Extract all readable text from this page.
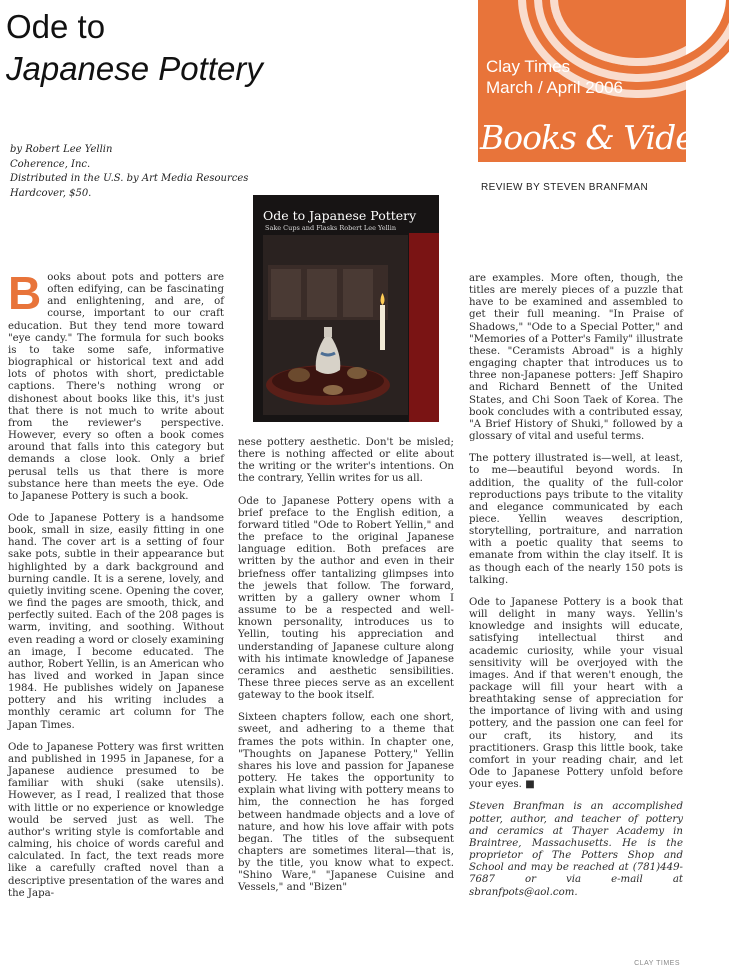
Ode to
Japanese Pottery	Clay Times
March / April 2006
Books & Videos
REVIEW BY STEVEN BRANFMAN
by Robert Lee Yellin
Coherence, Inc.
Distributed in the U.S. by Art Media Resources
Hardcover, $50.
Ode to Japanese Pottery
Sake Cups and Flasks Robert Lee Yellin

Books about pots and potters are often edifying, can be fascinating and enlightening, and are, of course, important to our craft education. But they tend more toward "eye candy." The formula for such books is to take some safe, informative biographical or historical text and add lots of photos with short, predictable captions. There's nothing wrong or dishonest about books like this, it's just that there is not much to write about from the reviewer's perspective. However, every so often a book comes around that falls into this category but demands a close look. Only a brief perusal tells us that there is more substance here than meets the eye. Ode to Japanese Pottery is such a book.

Ode to Japanese Pottery is a handsome book, small in size, easily fitting in one hand. The cover art is a setting of four sake pots, subtle in their appearance but highlighted by a dark background and burning candle. It is a serene, lovely, and quietly inviting scene. Opening the cover, we find the pages are smooth, thick, and perfectly suited. Each of the 208 pages is warm, inviting, and soothing. Without even reading a word or closely examining an image, I become educated. The author, Robert Yellin, is an American who has lived and worked in Japan since 1984. He publishes widely on Japanese pottery and his writing includes a monthly ceramic art column for The Japan Times.

Ode to Japanese Pottery was first written and published in 1995 in Japanese, for a Japanese audience presumed to be familiar with shuki (sake utensils). However, as I read, I realized that those with little or no experience or knowledge would be served just as well. The author's writing style is comfortable and calming, his choice of words careful and calculated. In fact, the text reads more like a carefully crafted novel than a descriptive presentation of the wares and the Japa-

nese pottery aesthetic. Don't be misled; there is nothing affected or elite about the writing or the writer's intentions. On the contrary, Yellin writes for us all.

Ode to Japanese Pottery opens with a brief preface to the English edition, a forward titled "Ode to Robert Yellin," and the preface to the original Japanese language edition. Both prefaces are written by the author and even in their briefness offer tantalizing glimpses into the jewels that follow. The forward, written by a gallery owner whom I assume to be a respected and well-known personality, introduces us to Yellin, touting his appreciation and understanding of Japanese culture along with his intimate knowledge of Japanese ceramics and aesthetic sensibilities. These three pieces serve as an excellent gateway to the book itself.

Sixteen chapters follow, each one short, sweet, and adhering to a theme that frames the pots within. In chapter one, "Thoughts on Japanese Pottery," Yellin shares his love and passion for Japanese pottery. He takes the opportunity to explain what living with pottery means to him, the connection he has forged between handmade objects and a love of nature, and how his love affair with pots began. The titles of the subsequent chapters are sometimes literal—that is, by the title, you know what to expect. "Shino Ware," "Japanese Cuisine and Vessels," and "Bizen"

are examples. More often, though, the titles are merely pieces of a puzzle that have to be examined and assembled to get their full meaning. "In Praise of Shadows," "Ode to a Special Potter," and "Memories of a Potter's Family" illustrate these. "Ceramists Abroad" is a highly engaging chapter that introduces us to three non-Japanese potters: Jeff Shapiro and Richard Bennett of the United States, and Chi Soon Taek of Korea. The book concludes with a contributed essay, "A Brief History of Shuki," followed by a glossary of vital and useful terms.

The pottery illustrated is—well, at least, to me—beautiful beyond words. In addition, the quality of the full-color reproductions pays tribute to the vitality and elegance communicated by each piece. Yellin weaves description, storytelling, portraiture, and narration with a poetic quality that seems to emanate from within the clay itself. It is as though each of the nearly 150 pots is talking.

Ode to Japanese Pottery is a book that will delight in many ways. Yellin's knowledge and insights will educate, satisfying intellectual thirst and academic curiosity, while your visual sensitivity will be overjoyed with the images. And if that weren't enough, the package will fill your heart with a breathtaking sense of appreciation for the importance of living with and using pottery, and the passion one can feel for our craft, its history, and its practitioners. Grasp this little book, take comfort in your reading chair, and let Ode to Japanese Pottery unfold before your eyes. ■

Steven Branfman is an accomplished potter, author, and teacher of pottery and ceramics at Thayer Academy in Braintree, Massachusetts. He is the proprietor of The Potters Shop and School and may be reached at (781)449-7687 or via e-mail at sbranfpots@aol.com.

CLAY TIMES
